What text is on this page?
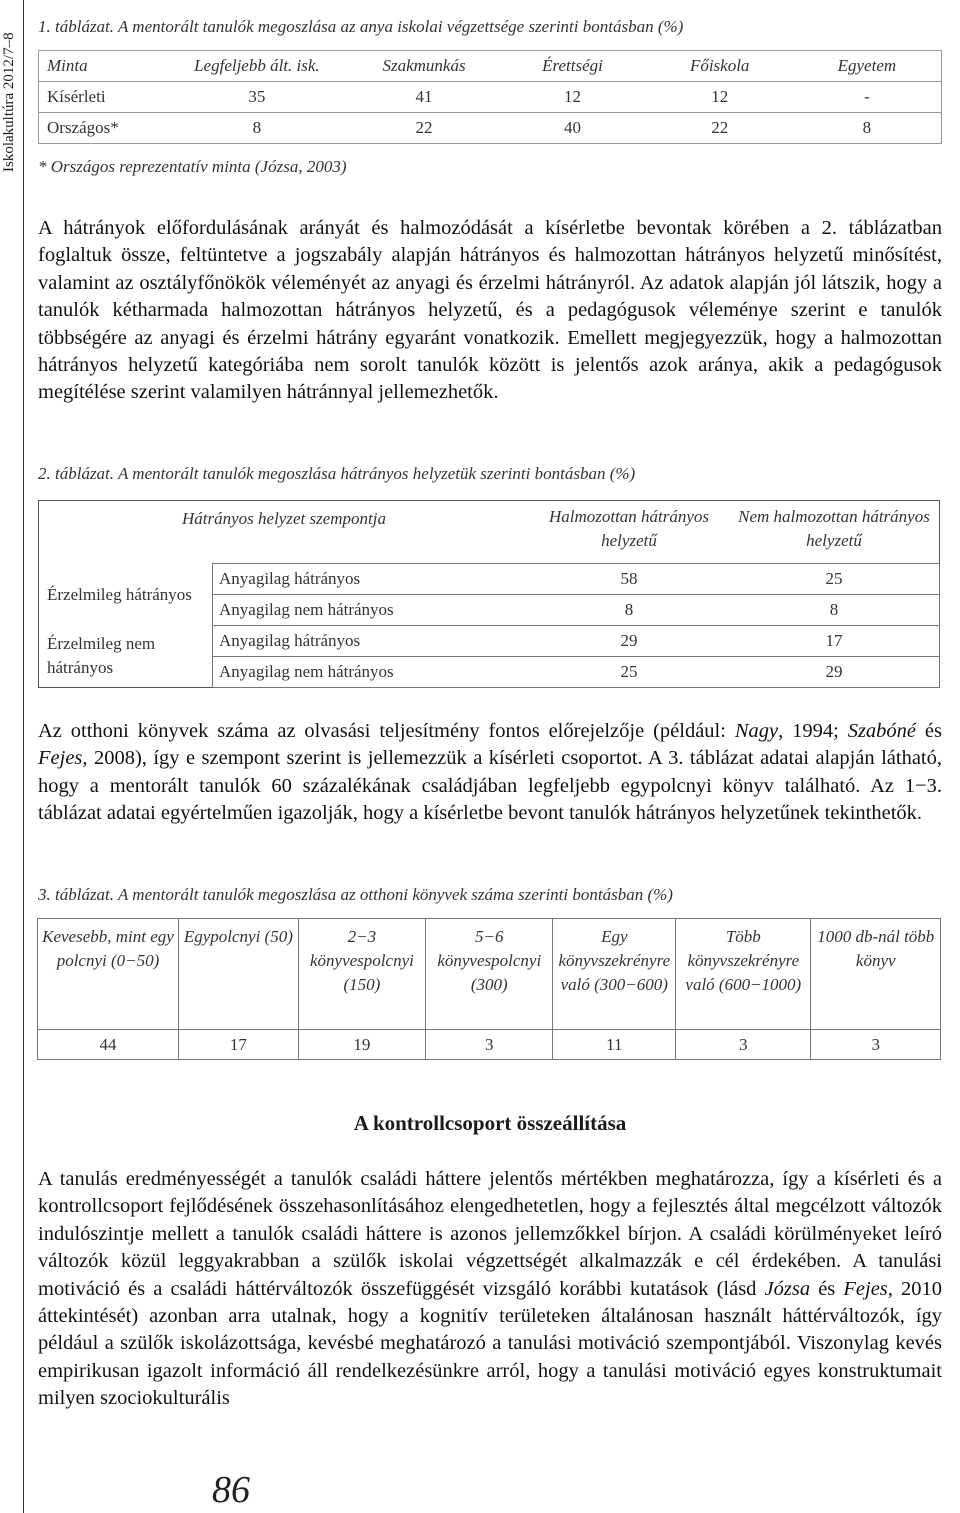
Iskolakultúra 2012/7–8
1. táblázat. A mentorált tanulók megoszlása az anya iskolai végzettsége szerinti bontásban (%)
Minta	Legfeljebb ált. isk.	Szakmunkás	Érettségi	Főiskola	Egyetem
Kísérleti	35	41	12	12	-
Országos*	8	22	40	22	8
* Országos reprezentatív minta (Józsa, 2003)
A hátrányok előfordulásának arányát és halmozódását a kísérletbe bevontak körében a 2. táblázatban foglaltuk össze, feltüntetve a jogszabály alapján hátrányos és halmozottan hátrányos helyzetű minősítést, valamint az osztályfőnökök véleményét az anyagi és érzelmi hátrányról. Az adatok alapján jól látszik, hogy a tanulók kétharmada halmozottan hátrányos helyzetű, és a pedagógusok véleménye szerint e tanulók többségére az anyagi és érzelmi hátrány egyaránt vonatkozik. Emellett megjegyezzük, hogy a halmozottan hátrányos helyzetű kategóriába nem sorolt tanulók között is jelentős azok aránya, akik a pedagógusok megítélése szerint valamilyen hátránnyal jellemezhetők.
2. táblázat. A mentorált tanulók megoszlása hátrányos helyzetük szerinti bontásban (%)
Hátrányos helyzet szempontja		Halmozottan hátrányos helyzetű	Nem halmozottan hátrányos helyzetű
Érzelmileg hátrányos	Anyagilag hátrányos	58	25
	Anyagilag nem hátrányos	8	8
Érzelmileg nem hátrányos	Anyagilag hátrányos	29	17
	Anyagilag nem hátrányos	25	29
Az otthoni könyvek száma az olvasási teljesítmény fontos előrejelzője (például: Nagy, 1994; Szabóné és Fejes, 2008), így e szempont szerint is jellemezzük a kísérleti csoportot. A 3. táblázat adatai alapján látható, hogy a mentorált tanulók 60 százalékának családjában legfeljebb egypolcnyi könyv található. Az 1−3. táblázat adatai egyértelműen igazolják, hogy a kísérletbe bevont tanulók hátrányos helyzetűnek tekinthetők.
3. táblázat. A mentorált tanulók megoszlása az otthoni könyvek száma szerinti bontásban (%)
Kevesebb, mint egy polcnyi (0−50)	Egypolcnyi (50)	2−3 könyvespolcnyi (150)	5−6 könyvespolcnyi (300)	Egy könyvszekrényre való (300−600)	Több könyvszekrényre való (600−1000)	1000 db-nál több könyv
44	17	19	3	11	3	3
A kontrollcsoport összeállítása
A tanulás eredményességét a tanulók családi háttere jelentős mértékben meghatározza, így a kísérleti és a kontrollcsoport fejlődésének összehasonlításához elengedhetetlen, hogy a fejlesztés által megcélzott változók indulószintje mellett a tanulók családi háttere is azonos jellemzőkkel bírjon. A családi körülményeket leíró változók közül leggyakrabban a szülők iskolai végzettségét alkalmazzák e cél érdekében. A tanulási motiváció és a családi háttérváltozók összefüggését vizsgáló korábbi kutatások (lásd Józsa és Fejes, 2010 áttekintését) azonban arra utalnak, hogy a kognitív területeken általánosan használt háttérváltozók, így például a szülők iskolázottsága, kevésbé meghatározó a tanulási motiváció szempontjából. Viszonylag kevés empirikusan igazolt információ áll rendelkezésünkre arról, hogy a tanulási motiváció egyes konstruktumait milyen szociokulturális
86
